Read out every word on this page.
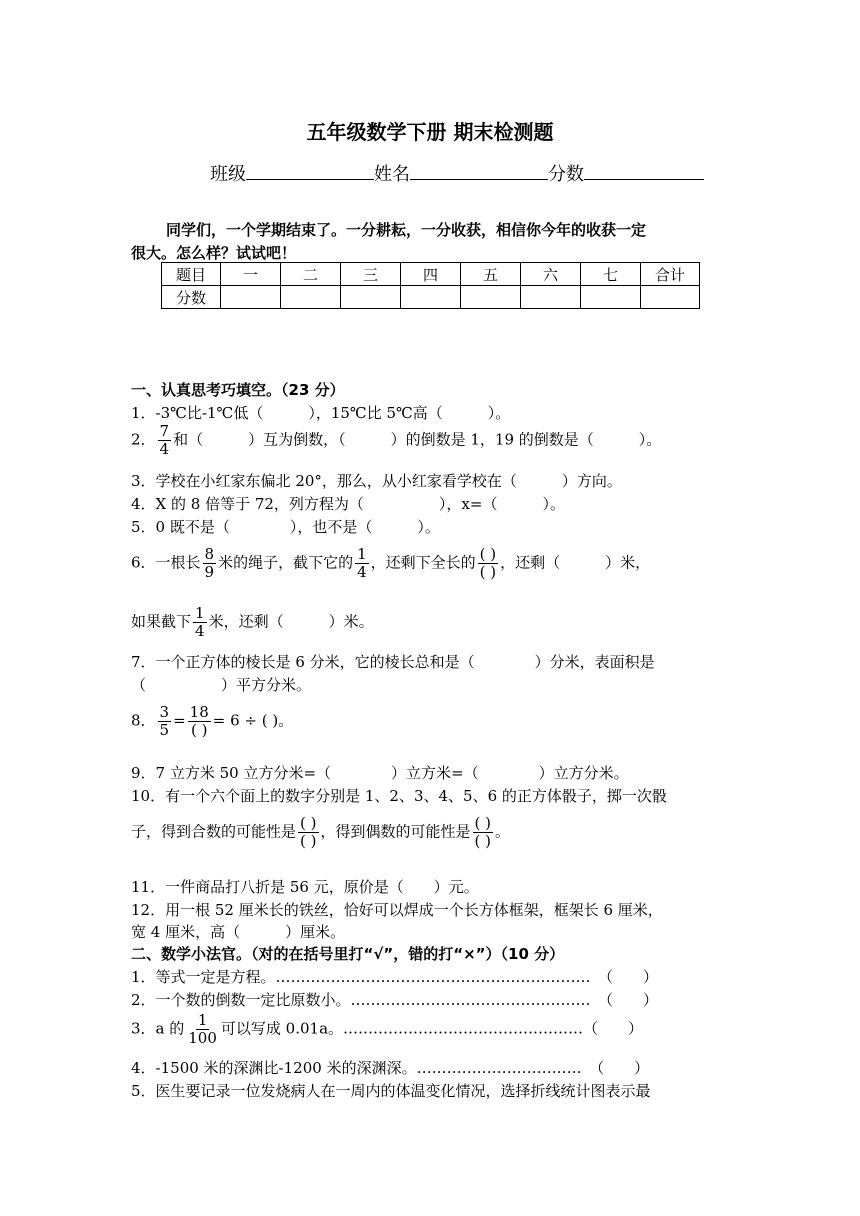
五年级数学下册 期末检测题
班级	姓名	分数
同学们，一个学期结束了。一分耕耘，一分收获，相信你今年的收获一定
很大。怎么样？试试吧！
题目	一	二	三	四	五	六	七	合计
分数								
一、认真思考巧填空。（23 分）
1．-3℃比-1℃低（　　　），15℃比 5℃高（　　　）。
2． $\frac{7}{4}$ 和（　　　）互为倒数，（　　　）的倒数是 1，19 的倒数是（　　　）。
3．学校在小红家东偏北 20°，那么，从小红家看学校在（　　　）方向。
4．X 的 8 倍等于 72，列方程为（　　　　　），x=（　　　）。
5．0 既不是（　　　　），也不是（　　　）。
6．一根长 $\frac{8}{9}$ 米的绳子，截下它的 $\frac{1}{4}$ ，还剩下全长的 $\frac{( )}{( )}$ ，还剩（　　　）米，
如果截下 $\frac{1}{4}$ 米，还剩（　　　）米。
7．一个正方体的棱长是 6 分米，它的棱长总和是（　　　　）分米，表面积是
（　　　　　）平方分米。
8． $\frac{3}{5} = \frac{18}{( )} = 6$ ÷ ( )。
9．7 立方米 50 立方分米=（　　　　）立方米=（　　　　）立方分米。
10．有一个六个面上的数字分别是 1、2、3、4、5、6 的正方体骰子，掷一次骰
子，得到合数的可能性是 $\frac{( )}{( )}$ ，得到偶数的可能性是 $\frac{( )}{( )}$ 。
11．一件商品打八折是 56 元，原价是（　　）元。
12．用一根 52 厘米长的铁丝，恰好可以焊成一个长方体框架，框架长 6 厘米，
宽 4 厘米，高（　　　）厘米。
二、数学小法官。（对的在括号里打“√”，错的打“×”）（10 分）
1．等式一定是方程。………………………………………………………　（　　）
2．一个数的倒数一定比原数小。…………………………………………　（　　）
3．a 的 $\frac{1}{100}$ 可以写成 0.01a。…………………………………………（　　）
4．-1500 米的深渊比-1200 米的深渊深。……………………………　（　　）
5．医生要记录一位发烧病人在一周内的体温变化情况，选择折线统计图表示最
